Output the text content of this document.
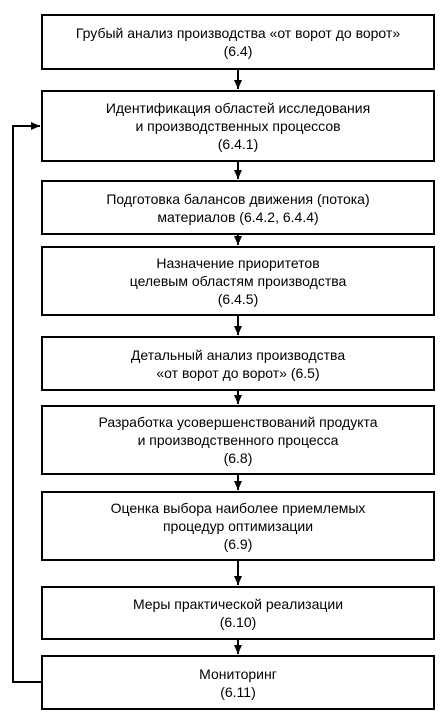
Грубый анализ производства «от ворот до ворот»
(6.4)
Идентификация областей исследования
и производственных процессов
(6.4.1)
Подготовка балансов движения (потока)
материалов (6.4.2, 6.4.4)
Назначение приоритетов
целевым областям производства
(6.4.5)
Детальный анализ производства
«от ворот до ворот» (6.5)
Разработка усовершенствований продукта
и производственного процесса
(6.8)
Оценка выбора наиболее приемлемых
процедур оптимизации
(6.9)
Меры практической реализации
(6.10)
Мониторинг
(6.11)
